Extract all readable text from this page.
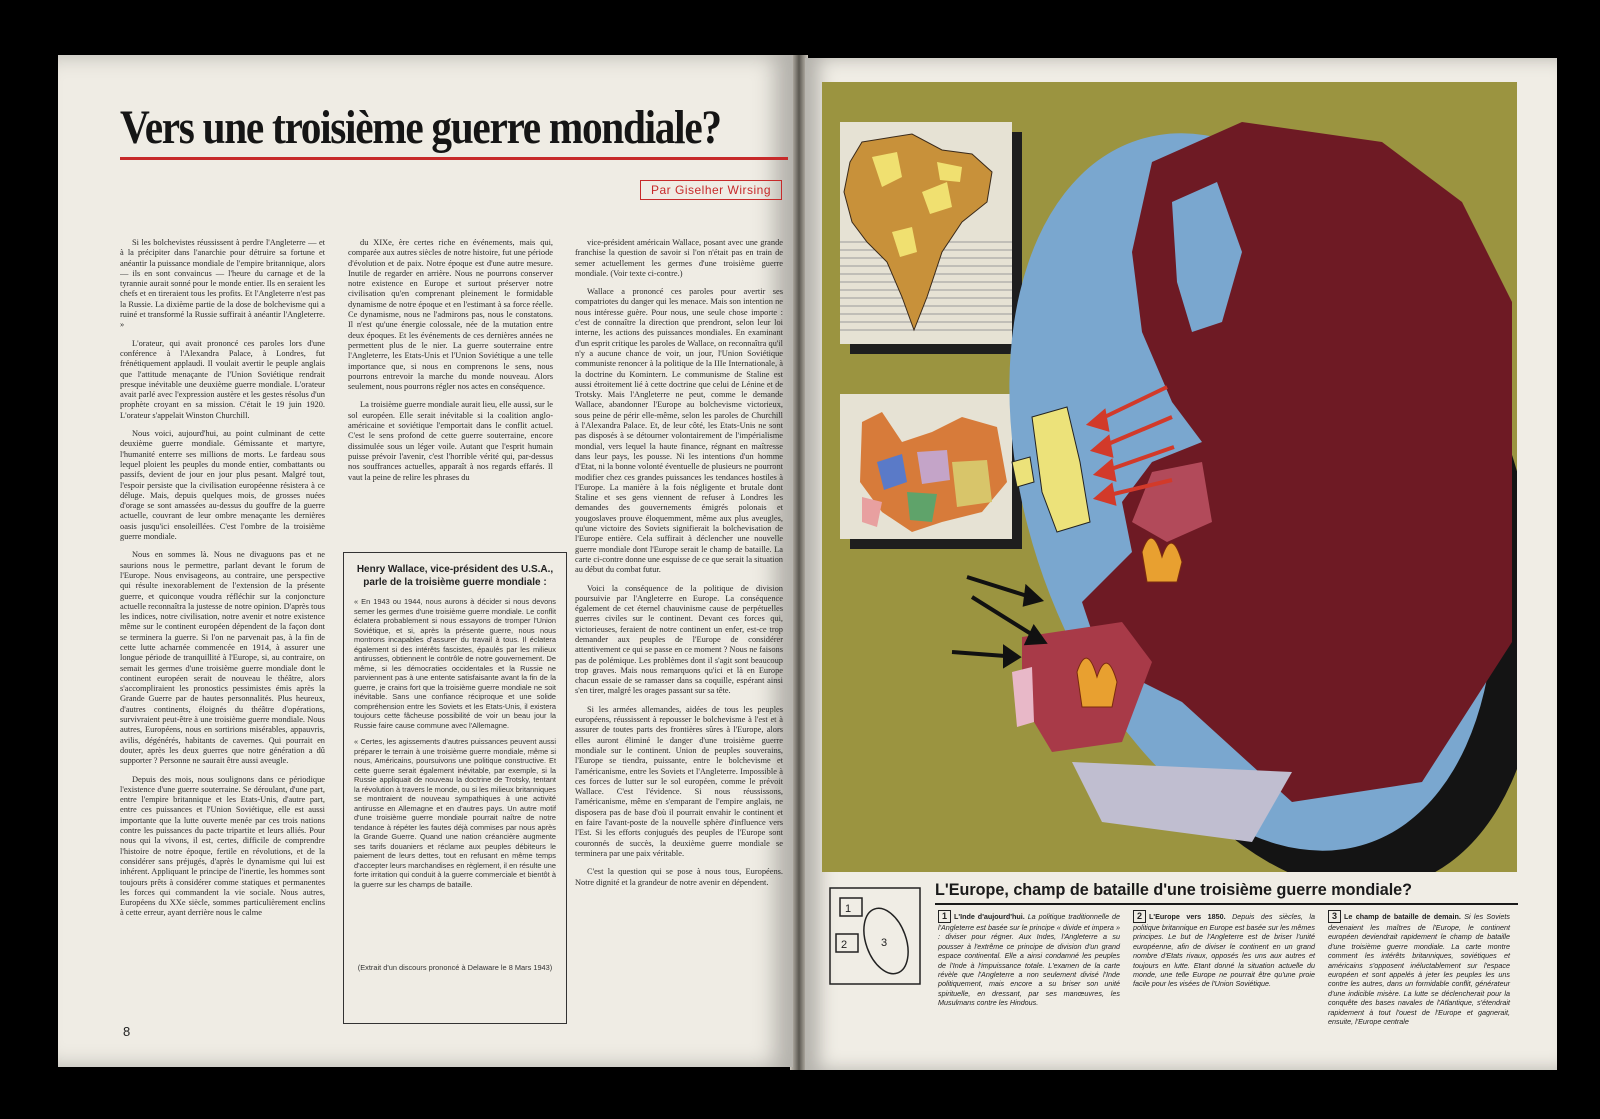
Vers une troisième guerre mondiale?
Par Giselher Wirsing

Si les bolchevistes réussissent à perdre l'Angleterre — et à la précipiter dans l'anarchie pour détruire sa fortune et anéantir la puissance mondiale de l'empire britannique, alors — ils en sont convaincus — l'heure du carnage et de la tyrannie aurait sonné pour le monde entier. Ils en seraient les chefs et en tireraient tous les profits. Et l'Angleterre n'est pas la Russie. La dixième partie de la dose de bolchevisme qui a ruiné et transformé la Russie suffirait à anéantir l'Angleterre. »

L'orateur, qui avait prononcé ces paroles lors d'une conférence à l'Alexandra Palace, à Londres, fut frénétiquement applaudi. Il voulait avertir le peuple anglais que l'attitude menaçante de l'Union Soviétique rendrait presque inévitable une deuxième guerre mondiale. L'orateur avait parlé avec l'expression austère et les gestes résolus d'un prophète croyant en sa mission. C'était le 19 juin 1920. L'orateur s'appelait Winston Churchill.

Nous voici, aujourd'hui, au point culminant de cette deuxième guerre mondiale. Gémissante et martyre, l'humanité enterre ses millions de morts. Le fardeau sous lequel ploient les peuples du monde entier, combattants ou passifs, devient de jour en jour plus pesant. Malgré tout, l'espoir persiste que la civilisation européenne résistera à ce déluge. Mais, depuis quelques mois, de grosses nuées d'orage se sont amassées au-dessus du gouffre de la guerre actuelle, couvrant de leur ombre menaçante les dernières oasis jusqu'ici ensoleillées. C'est l'ombre de la troisième guerre mondiale.

Nous en sommes là. Nous ne divaguons pas et ne saurions nous le permettre, parlant devant le forum de l'Europe. Nous envisageons, au contraire, une perspective qui résulte inexorablement de l'extension de la présente guerre, et quiconque voudra réfléchir sur la conjoncture actuelle reconnaîtra la justesse de notre opinion. D'après tous les indices, notre civilisation, notre avenir et notre existence même sur le continent européen dépendent de la façon dont se terminera la guerre. Si l'on ne parvenait pas, à la fin de cette lutte acharnée commencée en 1914, à assurer une longue période de tranquillité à l'Europe, si, au contraire, on semait les germes d'une troisième guerre mondiale dont le continent européen serait de nouveau le théâtre, alors s'accompliraient les pronostics pessimistes émis après la Grande Guerre par de hautes personnalités. Plus heureux, d'autres continents, éloignés du théâtre d'opérations, survivraient peut-être à une troisième guerre mondiale. Nous autres, Européens, nous en sortirions misérables, appauvris, avilis, dégénérés, habitants de cavernes. Qui pourrait en douter, après les deux guerres que notre génération a dû supporter ? Personne ne saurait être aussi aveugle.

Depuis des mois, nous soulignons dans ce périodique l'existence d'une guerre souterraine. Se déroulant, d'une part, entre l'empire britannique et les Etats-Unis, d'autre part, entre ces puissances et l'Union Soviétique, elle est aussi importante que la lutte ouverte menée par ces trois nations contre les puissances du pacte tripartite et leurs alliés. Pour nous qui la vivons, il est, certes, difficile de comprendre l'histoire de notre époque, fertile en révolutions, et de la considérer sans préjugés, d'après le dynamisme qui lui est inhérent. Appliquant le principe de l'inertie, les hommes sont toujours prêts à considérer comme statiques et permanentes les forces qui commandent la vie sociale. Nous autres, Européens du XXe siècle, sommes particulièrement enclins à cette erreur, ayant derrière nous le calme

du XIXe, ère certes riche en événements, mais qui, comparée aux autres siècles de notre histoire, fut une période d'évolution et de paix. Notre époque est d'une autre mesure. Inutile de regarder en arrière. Nous ne pourrons conserver notre existence en Europe et surtout préserver notre civilisation qu'en comprenant pleinement le formidable dynamisme de notre époque et en l'estimant à sa force réelle. Ce dynamisme, nous ne l'admirons pas, nous le constatons. Il n'est qu'une énergie colossale, née de la mutation entre deux époques. Et les événements de ces dernières années ne permettent plus de le nier. La guerre souterraine entre l'Angleterre, les Etats-Unis et l'Union Soviétique a une telle importance que, si nous en comprenons le sens, nous pourrons entrevoir la marche du monde nouveau. Alors seulement, nous pourrons régler nos actes en conséquence.

La troisième guerre mondiale aurait lieu, elle aussi, sur le sol européen. Elle serait inévitable si la coalition anglo-américaine et soviétique l'emportait dans le conflit actuel. C'est le sens profond de cette guerre souterraine, encore dissimulée sous un léger voile. Autant que l'esprit humain puisse prévoir l'avenir, c'est l'horrible vérité qui, par-dessus nos souffrances actuelles, apparaît à nos regards effarés. Il vaut la peine de relire les phrases du

vice-président américain Wallace, posant avec une grande franchise la question de savoir si l'on n'était pas en train de semer actuellement les germes d'une troisième guerre mondiale. (Voir texte ci-contre.)

Wallace a prononcé ces paroles pour avertir ses compatriotes du danger qui les menace. Mais son intention ne nous intéresse guère. Pour nous, une seule chose importe : c'est de connaître la direction que prendront, selon leur loi interne, les actions des puissances mondiales. En examinant d'un esprit critique les paroles de Wallace, on reconnaîtra qu'il n'y a aucune chance de voir, un jour, l'Union Soviétique communiste renoncer à la politique de la IIIe Internationale, à la doctrine du Komintern. Le communisme de Staline est aussi étroitement lié à cette doctrine que celui de Lénine et de Trotsky. Mais l'Angleterre ne peut, comme le demande Wallace, abandonner l'Europe au bolchevisme victorieux, sous peine de périr elle-même, selon les paroles de Churchill à l'Alexandra Palace. Et, de leur côté, les Etats-Unis ne sont pas disposés à se détourner volontairement de l'impérialisme mondial, vers lequel la haute finance, régnant en maîtresse dans leur pays, les pousse. Ni les intentions d'un homme d'Etat, ni la bonne volonté éventuelle de plusieurs ne pourront modifier chez ces grandes puissances les tendances hostiles à l'Europe. La manière à la fois négligente et brutale dont Staline et ses gens viennent de refuser à Londres les demandes des gouvernements émigrés polonais et yougoslaves prouve éloquemment, même aux plus aveugles, qu'une victoire des Soviets signifierait la bolchevisation de l'Europe entière. Cela suffirait à déclencher une nouvelle guerre mondiale dont l'Europe serait le champ de bataille. La carte ci-contre donne une esquisse de ce que serait la situation au début du combat futur.

Voici la conséquence de la politique de division poursuivie par l'Angleterre en Europe. La conséquence également de cet éternel chauvinisme cause de perpétuelles guerres civiles sur le continent. Devant ces forces qui, victorieuses, feraient de notre continent un enfer, est-ce trop demander aux peuples de l'Europe de considérer attentivement ce qui se passe en ce moment ? Nous ne faisons pas de polémique. Les problèmes dont il s'agit sont beaucoup trop graves. Mais nous remarquons qu'ici et là en Europe chacun essaie de se ramasser dans sa coquille, espérant ainsi s'en tirer, malgré les orages passant sur sa tête.

Si les armées allemandes, aidées de tous les peuples européens, réussissent à repousser le bolchevisme à l'est et à assurer de toutes parts des frontières sûres à l'Europe, alors elles auront éliminé le danger d'une troisième guerre mondiale sur le continent. Union de peuples souverains, l'Europe se tiendra, puissante, entre le bolchevisme et l'américanisme, entre les Soviets et l'Angleterre. Impossible à ces forces de lutter sur le sol européen, comme le prévoit Wallace. C'est l'évidence. Si nous réussissons, l'américanisme, même en s'emparant de l'empire anglais, ne disposera pas de base d'où il pourrait envahir le continent et en faire l'avant-poste de la nouvelle sphère d'influence vers l'Est. Si les efforts conjugués des peuples de l'Europe sont couronnés de succès, la deuxième guerre mondiale se terminera par une paix véritable.

C'est la question qui se pose à nous tous, Européens. Notre dignité et la grandeur de notre avenir en dépendent.

Henry Wallace, vice-président des U.S.A., parle de la troisième guerre mondiale :

« En 1943 ou 1944, nous aurons à décider si nous devons semer les germes d'une troisième guerre mondiale. Le conflit éclatera probablement si nous essayons de tromper l'Union Soviétique, et si, après la présente guerre, nous nous montrons incapables d'assurer du travail à tous. Il éclatera également si des intérêts fascistes, épaulés par les milieux antirusses, obtiennent le contrôle de notre gouvernement. De même, si les démocraties occidentales et la Russie ne parviennent pas à une entente satisfaisante avant la fin de la guerre, je crains fort que la troisième guerre mondiale ne soit inévitable. Sans une confiance réciproque et une solide compréhension entre les Soviets et les Etats-Unis, il existera toujours cette fâcheuse possibilité de voir un beau jour la Russie faire cause commune avec l'Allemagne.

« Certes, les agissements d'autres puissances peuvent aussi préparer le terrain à une troisième guerre mondiale, même si nous, Américains, poursuivons une politique constructive. Et cette guerre serait également inévitable, par exemple, si la Russie appliquait de nouveau la doctrine de Trotsky, tentant la révolution à travers le monde, ou si les milieux britanniques se montraient de nouveau sympathiques à une activité antirusse en Allemagne et en d'autres pays. Un autre motif d'une troisième guerre mondiale pourrait naître de notre tendance à répéter les fautes déjà commises par nous après la Grande Guerre. Quand une nation créancière augmente ses tarifs douaniers et réclame aux peuples débiteurs le paiement de leurs dettes, tout en refusant en même temps d'accepter leurs marchandises en règlement, il en résulte une forte irritation qui conduit à la guerre commerciale et bientôt à la guerre sur les champs de bataille.

(Extrait d'un discours prononcé à Delaware le 8 Mars 1943)
8
1
2	3
L'Europe, champ de bataille d'une troisième guerre mondiale?
1 L'Inde d'aujourd'hui. La politique traditionnelle de l'Angleterre est basée sur le principe « divide et impera » : diviser pour régner. Aux Indes, l'Angleterre a su pousser à l'extrême ce principe de division d'un grand espace continental. Elle a ainsi condamné les peuples de l'Inde à l'impuissance totale. L'examen de la carte révèle que l'Angleterre a non seulement divisé l'Inde politiquement, mais encore a su briser son unité spirituelle, en dressant, par ses manœuvres, les Musulmans contre les Hindous.
2 L'Europe vers 1850. Depuis des siècles, la politique britannique en Europe est basée sur les mêmes principes. Le but de l'Angleterre est de briser l'unité européenne, afin de diviser le continent en un grand nombre d'Etats rivaux, opposés les uns aux autres et toujours en lutte. Etant donné la situation actuelle du monde, une telle Europe ne pourrait être qu'une proie facile pour les visées de l'Union Soviétique.
3 Le champ de bataille de demain. Si les Soviets devenaient les maîtres de l'Europe, le continent européen deviendrait rapidement le champ de bataille d'une troisième guerre mondiale. La carte montre comment les intérêts britanniques, soviétiques et américains s'opposent inéluctablement sur l'espace européen et sont appelés à jeter les peuples les uns contre les autres, dans un formidable conflit, générateur d'une indicible misère. La lutte se déclencherait pour la conquête des bases navales de l'Atlantique, s'étendrait rapidement à tout l'ouest de l'Europe et gagnerait, ensuite, l'Europe centrale
